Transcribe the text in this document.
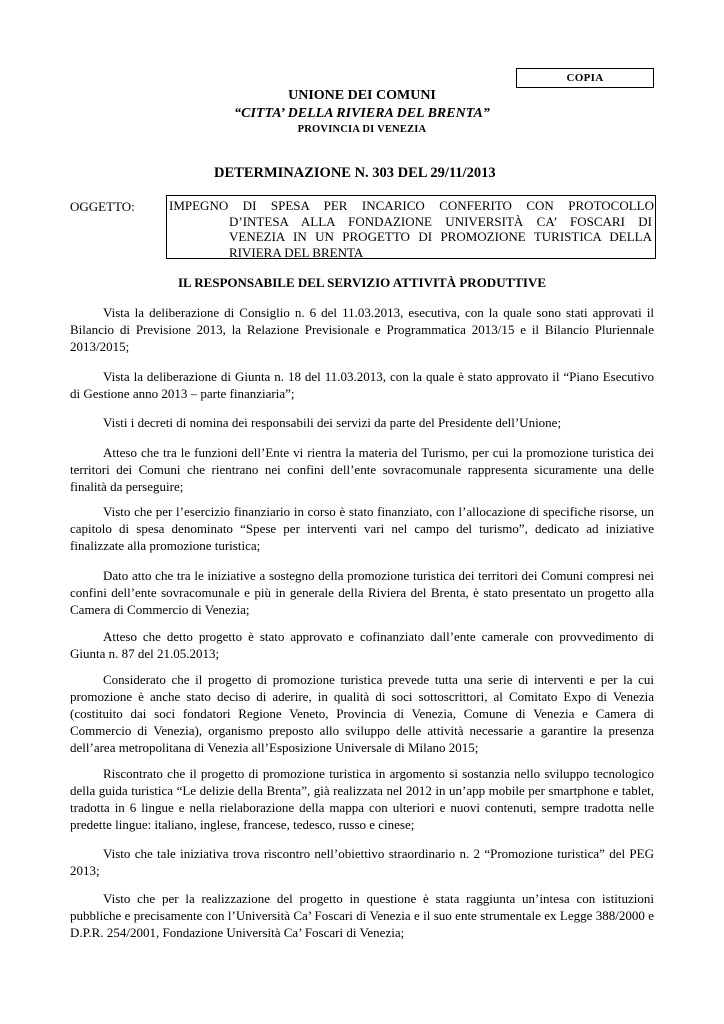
COPIA
UNIONE DEI COMUNI
“CITTA’ DELLA RIVIERA DEL BRENTA”
PROVINCIA DI VENEZIA
DETERMINAZIONE N. 303 DEL 29/11/2013
OGGETTO:	IMPEGNO DI SPESA PER INCARICO CONFERITO CON PROTOCOLLO
D’INTESA ALLA FONDAZIONE UNIVERSITÀ CA’ FOSCARI DI
VENEZIA IN UN PROGETTO DI PROMOZIONE TURISTICA DELLA
RIVIERA DEL BRENTA
IL RESPONSABILE DEL SERVIZIO ATTIVITÀ PRODUTTIVE

Vista la deliberazione di Consiglio n. 6 del 11.03.2013, esecutiva, con la quale sono stati approvati il Bilancio di Previsione 2013, la Relazione Previsionale e Programmatica 2013/15 e il Bilancio Pluriennale 2013/2015;

Vista la deliberazione di Giunta n. 18 del 11.03.2013, con la quale è stato approvato il “Piano Esecutivo di Gestione anno 2013 – parte finanziaria”;

Visti i decreti di nomina dei responsabili dei servizi da parte del Presidente dell’Unione;

Atteso che tra le funzioni dell’Ente vi rientra la materia del Turismo, per cui la promozione turistica dei territori dei Comuni che rientrano nei confini dell’ente sovracomunale rappresenta sicuramente una delle finalità da perseguire;

Visto che per l’esercizio finanziario in corso è stato finanziato, con l’allocazione di specifiche risorse, un capitolo di spesa denominato “Spese per interventi vari nel campo del turismo”, dedicato ad iniziative finalizzate alla promozione turistica;

Dato atto che tra le iniziative a sostegno della promozione turistica dei territori dei Comuni compresi nei confini dell’ente sovracomunale e più in generale della Riviera del Brenta, è stato presentato un progetto alla Camera di Commercio di Venezia;

Atteso che detto progetto è stato approvato e cofinanziato dall’ente camerale con provvedimento di Giunta n. 87 del 21.05.2013;

Considerato che il progetto di promozione turistica prevede tutta una serie di interventi e per la cui promozione è anche stato deciso di aderire, in qualità di soci sottoscrittori, al Comitato Expo di Venezia (costituito dai soci fondatori Regione Veneto, Provincia di Venezia, Comune di Venezia e Camera di Commercio di Venezia), organismo preposto allo sviluppo delle attività necessarie a garantire la presenza dell’area metropolitana di Venezia all’Esposizione Universale di Milano 2015;

Riscontrato che il progetto di promozione turistica in argomento si sostanzia nello sviluppo tecnologico della guida turistica “Le delizie della Brenta”, già realizzata nel 2012 in un’app mobile per smartphone e tablet, tradotta in 6 lingue e nella rielaborazione della mappa con ulteriori e nuovi contenuti, sempre tradotta nelle predette lingue: italiano, inglese, francese, tedesco, russo e cinese;

Visto che tale iniziativa trova riscontro nell’obiettivo straordinario n. 2 “Promozione turistica” del PEG 2013;

Visto che per la realizzazione del progetto in questione è stata raggiunta un’intesa con istituzioni pubbliche e precisamente con l’Università Ca’ Foscari di Venezia e il suo ente strumentale ex Legge 388/2000 e D.P.R. 254/2001, Fondazione Università Ca’ Foscari di Venezia;
